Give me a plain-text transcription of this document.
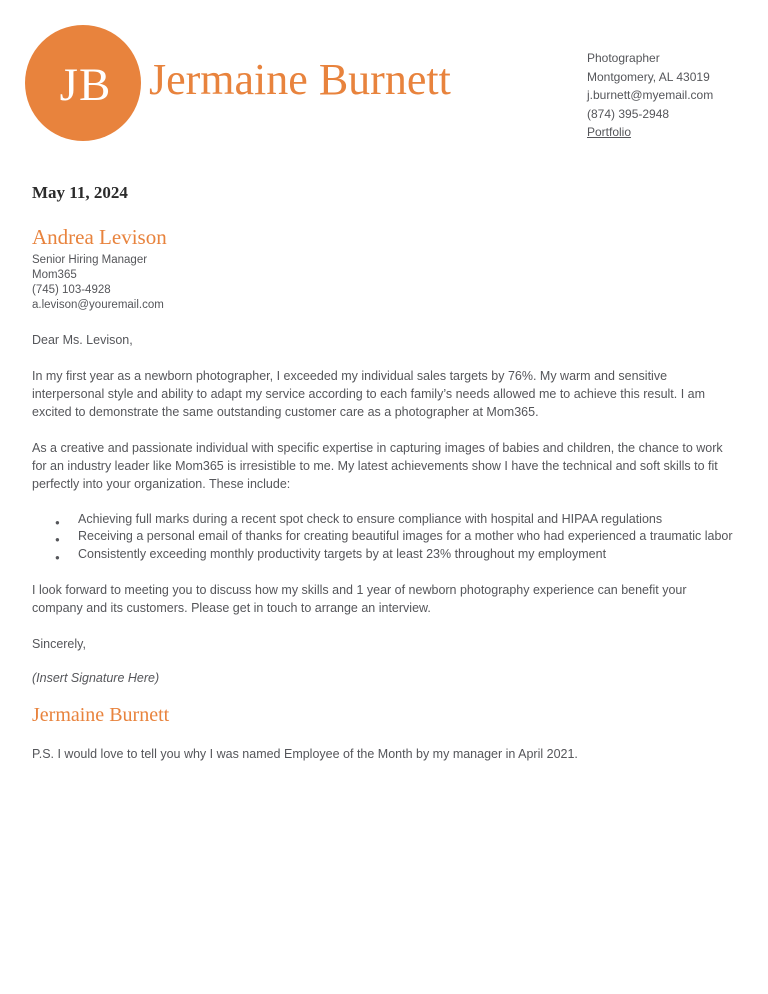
JB Jermaine Burnett	Photographer
Montgomery, AL 43019
j.burnett@myemail.com
(874) 395-2948
Portfolio

May 11, 2024

Andrea Levison
Senior Hiring Manager
Mom365
(745) 103-4928
a.levison@youremail.com

Dear Ms. Levison,

In my first year as a newborn photographer, I exceeded my individual sales targets by 76%. My warm and sensitive interpersonal style and ability to adapt my service according to each family’s needs allowed me to achieve this result. I am excited to demonstrate the same outstanding customer care as a photographer at Mom365.

As a creative and passionate individual with specific expertise in capturing images of babies and children, the chance to work for an industry leader like Mom365 is irresistible to me. My latest achievements show I have the technical and soft skills to fit perfectly into your organization. These include:

● Achieving full marks during a recent spot check to ensure compliance with hospital and HIPAA regulations
● Receiving a personal email of thanks for creating beautiful images for a mother who had experienced a traumatic labor
● Consistently exceeding monthly productivity targets by at least 23% throughout my employment

I look forward to meeting you to discuss how my skills and 1 year of newborn photography experience can benefit your company and its customers. Please get in touch to arrange an interview.

Sincerely,

(Insert Signature Here)

Jermaine Burnett

P.S. I would love to tell you why I was named Employee of the Month by my manager in April 2021.
